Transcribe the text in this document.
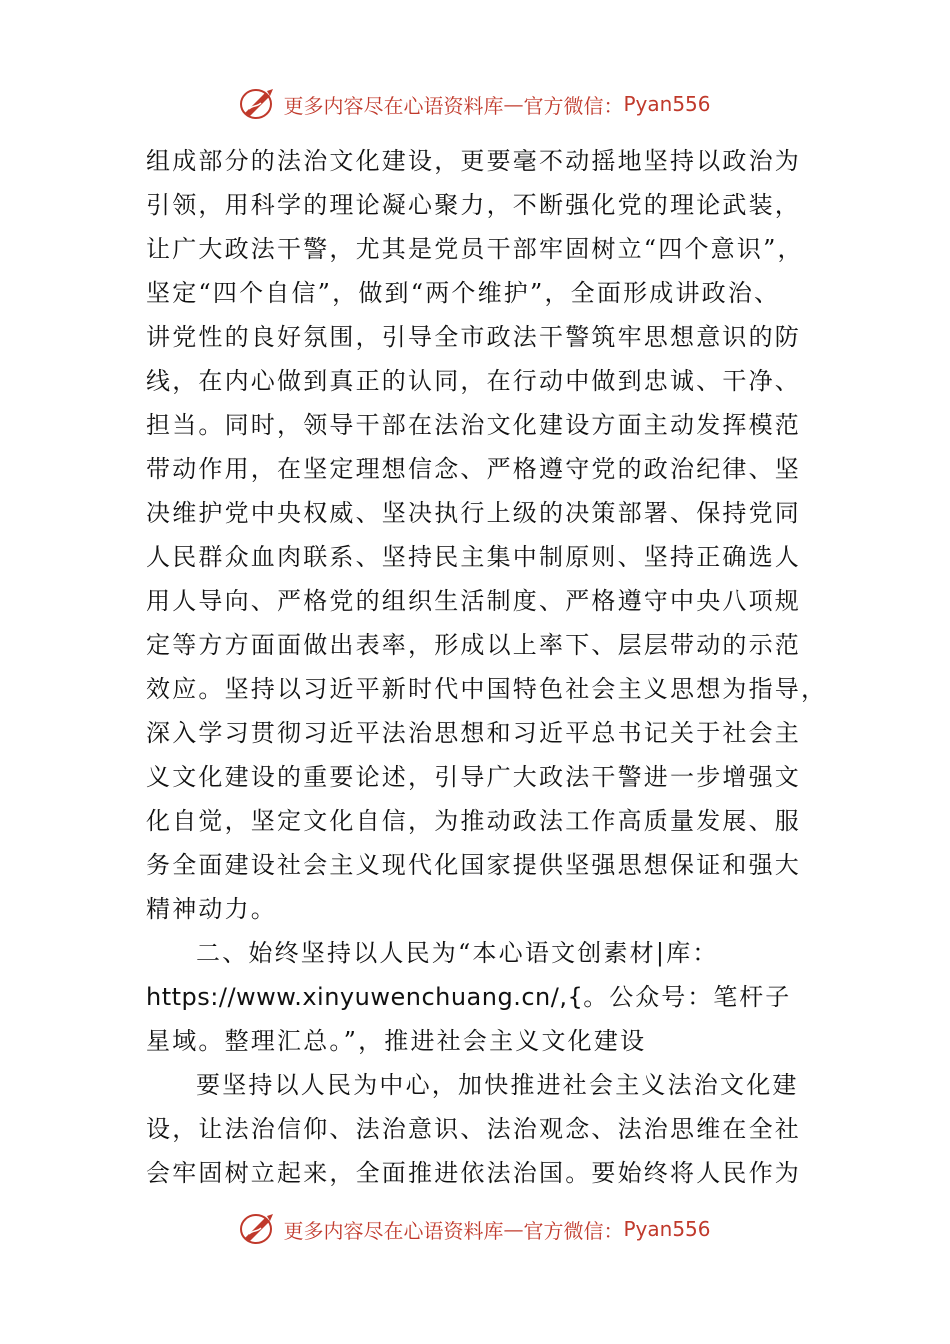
更多内容尽在心语资料库 — 官方微信： Pyan556
组成部分的法治文化建设，更要毫不动摇地坚持以政治为
引领，用科学的理论凝心聚力，不断强化党的理论武装，
让广大政法干警，尤其是党员干部牢固树立“四个意识”，
坚定“四个自信”，做到“两个维护”，全面形成讲政治、
讲党性的良好氛围，引导全市政法干警筑牢思想意识的防
线，在内心做到真正的认同，在行动中做到忠诚、干净、
担当。同时，领导干部在法治文化建设方面主动发挥模范
带动作用，在坚定理想信念、严格遵守党的政治纪律、坚
决维护党中央权威、坚决执行上级的决策部署、保持党同
人民群众血肉联系、坚持民主集中制原则、坚持正确选人
用人导向、严格党的组织生活制度、严格遵守中央八项规
定等方方面面做出表率，形成以上率下、层层带动的示范
效应。坚持以习近平新时代中国特色社会主义思想为指导，
深入学习贯彻习近平法治思想和习近平总书记关于社会主
义文化建设的重要论述，引导广大政法干警进一步增强文
化自觉，坚定文化自信，为推动政法工作高质量发展、服
务全面建设社会主义现代化国家提供坚强思想保证和强大
精神动力。
二、始终坚持以人民为“本心语文创素材|库：
https://www.xinyuwenchuang.cn/,{。公众号：笔杆子
星域。整理汇总。”，推进社会主义文化建设
要坚持以人民为中心，加快推进社会主义法治文化建
设，让法治信仰、法治意识、法治观念、法治思维在全社
会牢固树立起来，全面推进依法治国。要始终将人民作为
更多内容尽在心语资料库 — 官方微信： Pyan556
